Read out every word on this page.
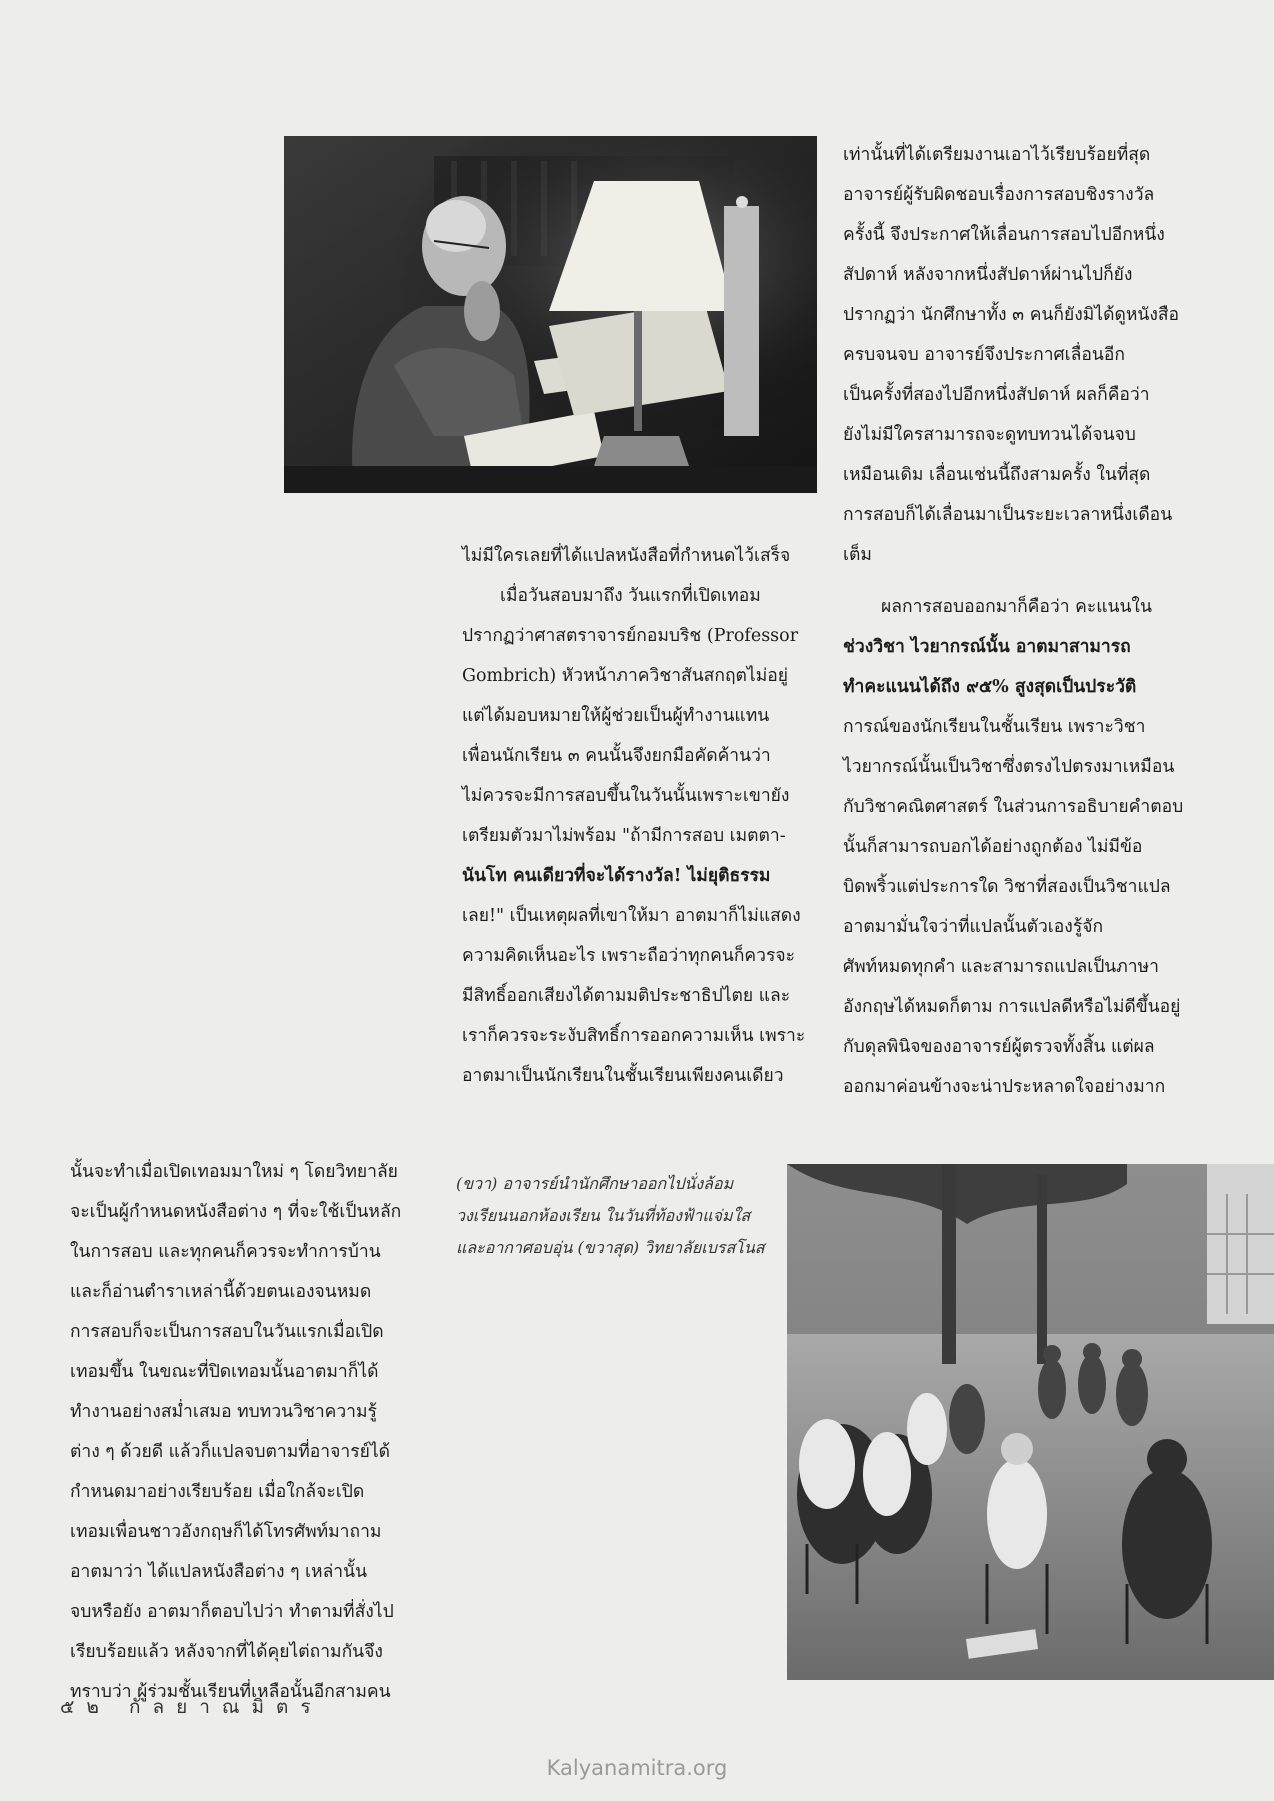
เท่านั้นที่ได้เตรียมงานเอาไว้เรียบร้อยที่สุด
อาจารย์ผู้รับผิดชอบเรื่องการสอบชิงรางวัล
ครั้งนี้ จึงประกาศให้เลื่อนการสอบไปอีกหนึ่ง
สัปดาห์ หลังจากหนึ่งสัปดาห์ผ่านไปก็ยัง
ปรากฏว่า นักศึกษาทั้ง ๓ คนก็ยังมิได้ดูหนังสือ
ครบจนจบ อาจารย์จึงประกาศเลื่อนอีก
เป็นครั้งที่สองไปอีกหนึ่งสัปดาห์ ผลก็คือว่า
ยังไม่มีใครสามารถจะดูทบทวนได้จนจบ
เหมือนเดิม เลื่อนเช่นนี้ถึงสามครั้ง ในที่สุด
การสอบก็ได้เลื่อนมาเป็นระยะเวลาหนึ่งเดือน
เต็ม

ผลการสอบออกมาก็คือว่า คะแนนใน
ช่วงวิชา ไวยากรณ์นั้น อาตมาสามารถ
ทำคะแนนได้ถึง ๙๕% สูงสุดเป็นประวัติ
การณ์ของนักเรียนในชั้นเรียน เพราะวิชา
ไวยากรณ์นั้นเป็นวิชาซึ่งตรงไปตรงมาเหมือน
กับวิชาคณิตศาสตร์ ในส่วนการอธิบายคำตอบ
นั้นก็สามารถบอกได้อย่างถูกต้อง ไม่มีข้อ
บิดพริ้วแต่ประการใด วิชาที่สองเป็นวิชาแปล
อาตมามั่นใจว่าที่แปลนั้นตัวเองรู้จัก
ศัพท์หมดทุกคำ และสามารถแปลเป็นภาษา
อังกฤษได้หมดก็ตาม การแปลดีหรือไม่ดีขึ้นอยู่
กับดุลพินิจของอาจารย์ผู้ตรวจทั้งสิ้น แต่ผล
ออกมาค่อนข้างจะน่าประหลาดใจอย่างมาก

ไม่มีใครเลยที่ได้แปลหนังสือที่กำหนดไว้เสร็จ
เมื่อวันสอบมาถึง วันแรกที่เปิดเทอม
ปรากฏว่าศาสตราจารย์กอมบริช (Professor
Gombrich) หัวหน้าภาควิชาสันสกฤตไม่อยู่
แต่ได้มอบหมายให้ผู้ช่วยเป็นผู้ทำงานแทน
เพื่อนนักเรียน ๓ คนนั้นจึงยกมือคัดค้านว่า
ไม่ควรจะมีการสอบขึ้นในวันนั้นเพราะเขายัง
เตรียมตัวมาไม่พร้อม "ถ้ามีการสอบ เมตตา-
นันโท คนเดียวที่จะได้รางวัล! ไม่ยุติธรรม
เลย!" เป็นเหตุผลที่เขาให้มา อาตมาก็ไม่แสดง
ความคิดเห็นอะไร เพราะถือว่าทุกคนก็ควรจะ
มีสิทธิ์ออกเสียงได้ตามมติประชาธิปไตย และ
เราก็ควรจะระงับสิทธิ์การออกความเห็น เพราะ
อาตมาเป็นนักเรียนในชั้นเรียนเพียงคนเดียว

นั้นจะทำเมื่อเปิดเทอมมาใหม่ ๆ โดยวิทยาลัย
จะเป็นผู้กำหนดหนังสือต่าง ๆ ที่จะใช้เป็นหลัก
ในการสอบ และทุกคนก็ควรจะทำการบ้าน
และก็อ่านตำราเหล่านี้ด้วยตนเองจนหมด
การสอบก็จะเป็นการสอบในวันแรกเมื่อเปิด
เทอมขึ้น ในขณะที่ปิดเทอมนั้นอาตมาก็ได้
ทำงานอย่างสม่ำเสมอ ทบทวนวิชาความรู้
ต่าง ๆ ด้วยดี แล้วก็แปลจบตามที่อาจารย์ได้
กำหนดมาอย่างเรียบร้อย เมื่อใกล้จะเปิด
เทอมเพื่อนชาวอังกฤษก็ได้โทรศัพท์มาถาม
อาตมาว่า ได้แปลหนังสือต่าง ๆ เหล่านั้น
จบหรือยัง อาตมาก็ตอบไปว่า ทำตามที่สั่งไป
เรียบร้อยแล้ว หลังจากที่ได้คุยไต่ถามกันจึง
ทราบว่า ผู้ร่วมชั้นเรียนที่เหลือนั้นอีกสามคน

(ขวา) อาจารย์นำนักศึกษาออกไปนั่งล้อม
วงเรียนนอกห้องเรียน ในวันที่ท้องฟ้าแจ่มใส
และอากาศอบอุ่น (ขวาสุด) วิทยาลัยเบรสโนส
๕๒ กัลยาณมิตร
Kalyanamitra.org
